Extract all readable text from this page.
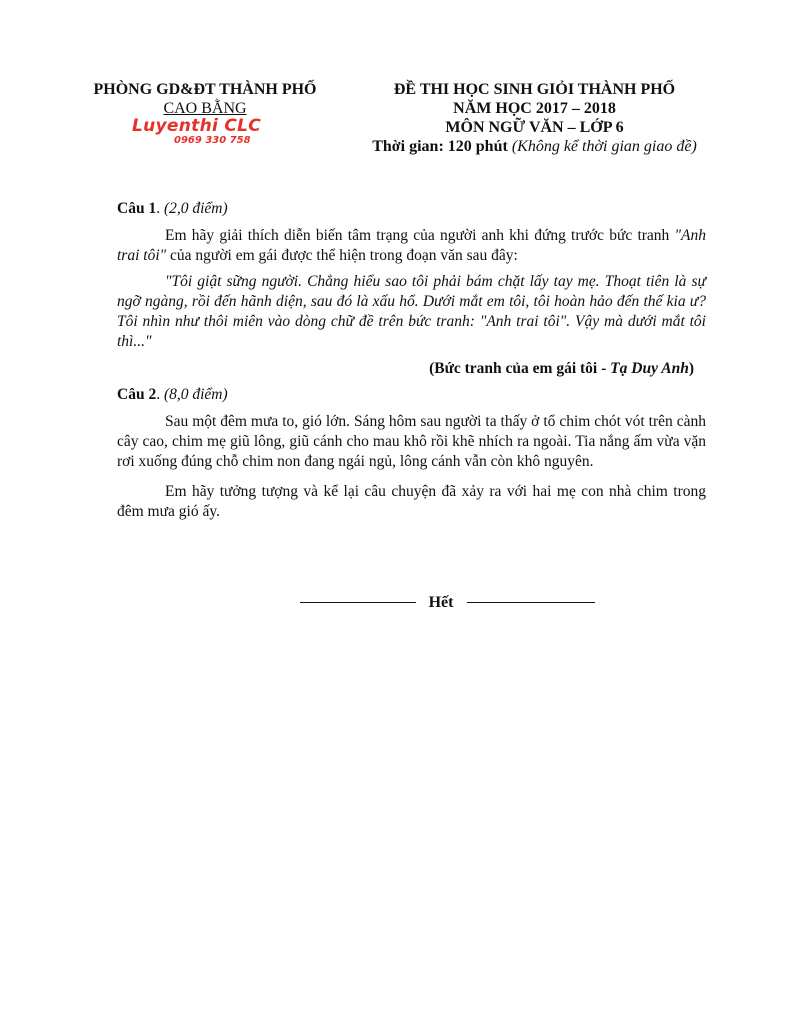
PHÒNG GD&ĐT THÀNH PHỐ
CAO BẰNG
Luyenthi CLC
0969 330 758
ĐỀ THI HỌC SINH GIỎI THÀNH PHỐ
NĂM HỌC 2017 – 2018
MÔN NGỮ VĂN – LỚP 6
Thời gian: 120 phút (Không kể thời gian giao đề)
Câu 1. (2,0 điểm)
Em hãy giải thích diễn biến tâm trạng của người anh khi đứng trước bức tranh "Anh trai tôi" của người em gái được thể hiện trong đoạn văn sau đây:
"Tôi giật sững người. Chẳng hiểu sao tôi phải bám chặt lấy tay mẹ. Thoạt tiên là sự ngỡ ngàng, rồi đến hãnh diện, sau đó là xấu hổ. Dưới mắt em tôi, tôi hoàn hảo đến thế kia ư? Tôi nhìn như thôi miên vào dòng chữ đề trên bức tranh: "Anh trai tôi". Vậy mà dưới mắt tôi thì..."
(Bức tranh của em gái tôi - Tạ Duy Anh)
Câu 2. (8,0 điểm)
Sau một đêm mưa to, gió lớn. Sáng hôm sau người ta thấy ở tổ chim chót vót trên cành cây cao, chim mẹ giũ lông, giũ cánh cho mau khô rồi khẽ nhích ra ngoài. Tia nắng ấm vừa vặn rơi xuống đúng chỗ chim non đang ngái ngủ, lông cánh vẫn còn khô nguyên.
Em hãy tưởng tượng và kể lại câu chuyện đã xảy ra với hai mẹ con nhà chim trong đêm mưa gió ấy.
Hết
